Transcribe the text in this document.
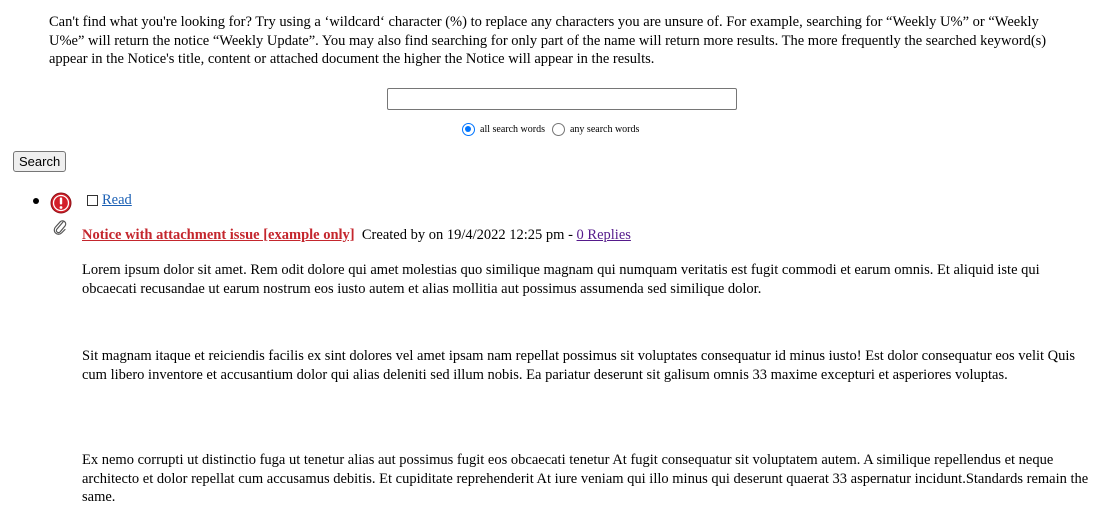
Can't find what you're looking for? Try using a ‘wildcard‘ character (%) to replace any characters you are unsure of. For example, searching for “Weekly U%” or “Weekly U%e” will return the notice “Weekly Update”. You may also find searching for only part of the name will return more results. The more frequently the searched keyword(s) appear in the Notice's title, content or attached document the higher the Notice will appear in the results.

all search words	any search words
Search
Read
Notice with attachment issue [example only] Created by on 19/4/2022 12:25 pm - 0 Replies

Lorem ipsum dolor sit amet. Rem odit dolore qui amet molestias quo similique magnam qui numquam veritatis est fugit commodi et earum omnis. Et aliquid iste qui obcaecati recusandae ut earum nostrum eos iusto autem et alias mollitia aut possimus assumenda sed similique dolor.

Sit magnam itaque et reiciendis facilis ex sint dolores vel amet ipsam nam repellat possimus sit voluptates consequatur id minus iusto! Est dolor consequatur eos velit Quis cum libero inventore et accusantium dolor qui alias deleniti sed illum nobis. Ea pariatur deserunt sit galisum omnis 33 maxime excepturi et asperiores voluptas.

Ex nemo corrupti ut distinctio fuga ut tenetur alias aut possimus fugit eos obcaecati tenetur At fugit consequatur sit voluptatem autem. A similique repellendus et neque architecto et dolor repellat cum accusamus debitis. Et cupiditate reprehenderit At iure veniam qui illo minus qui deserunt quaerat 33 aspernatur incidunt.Standards remain the same.
